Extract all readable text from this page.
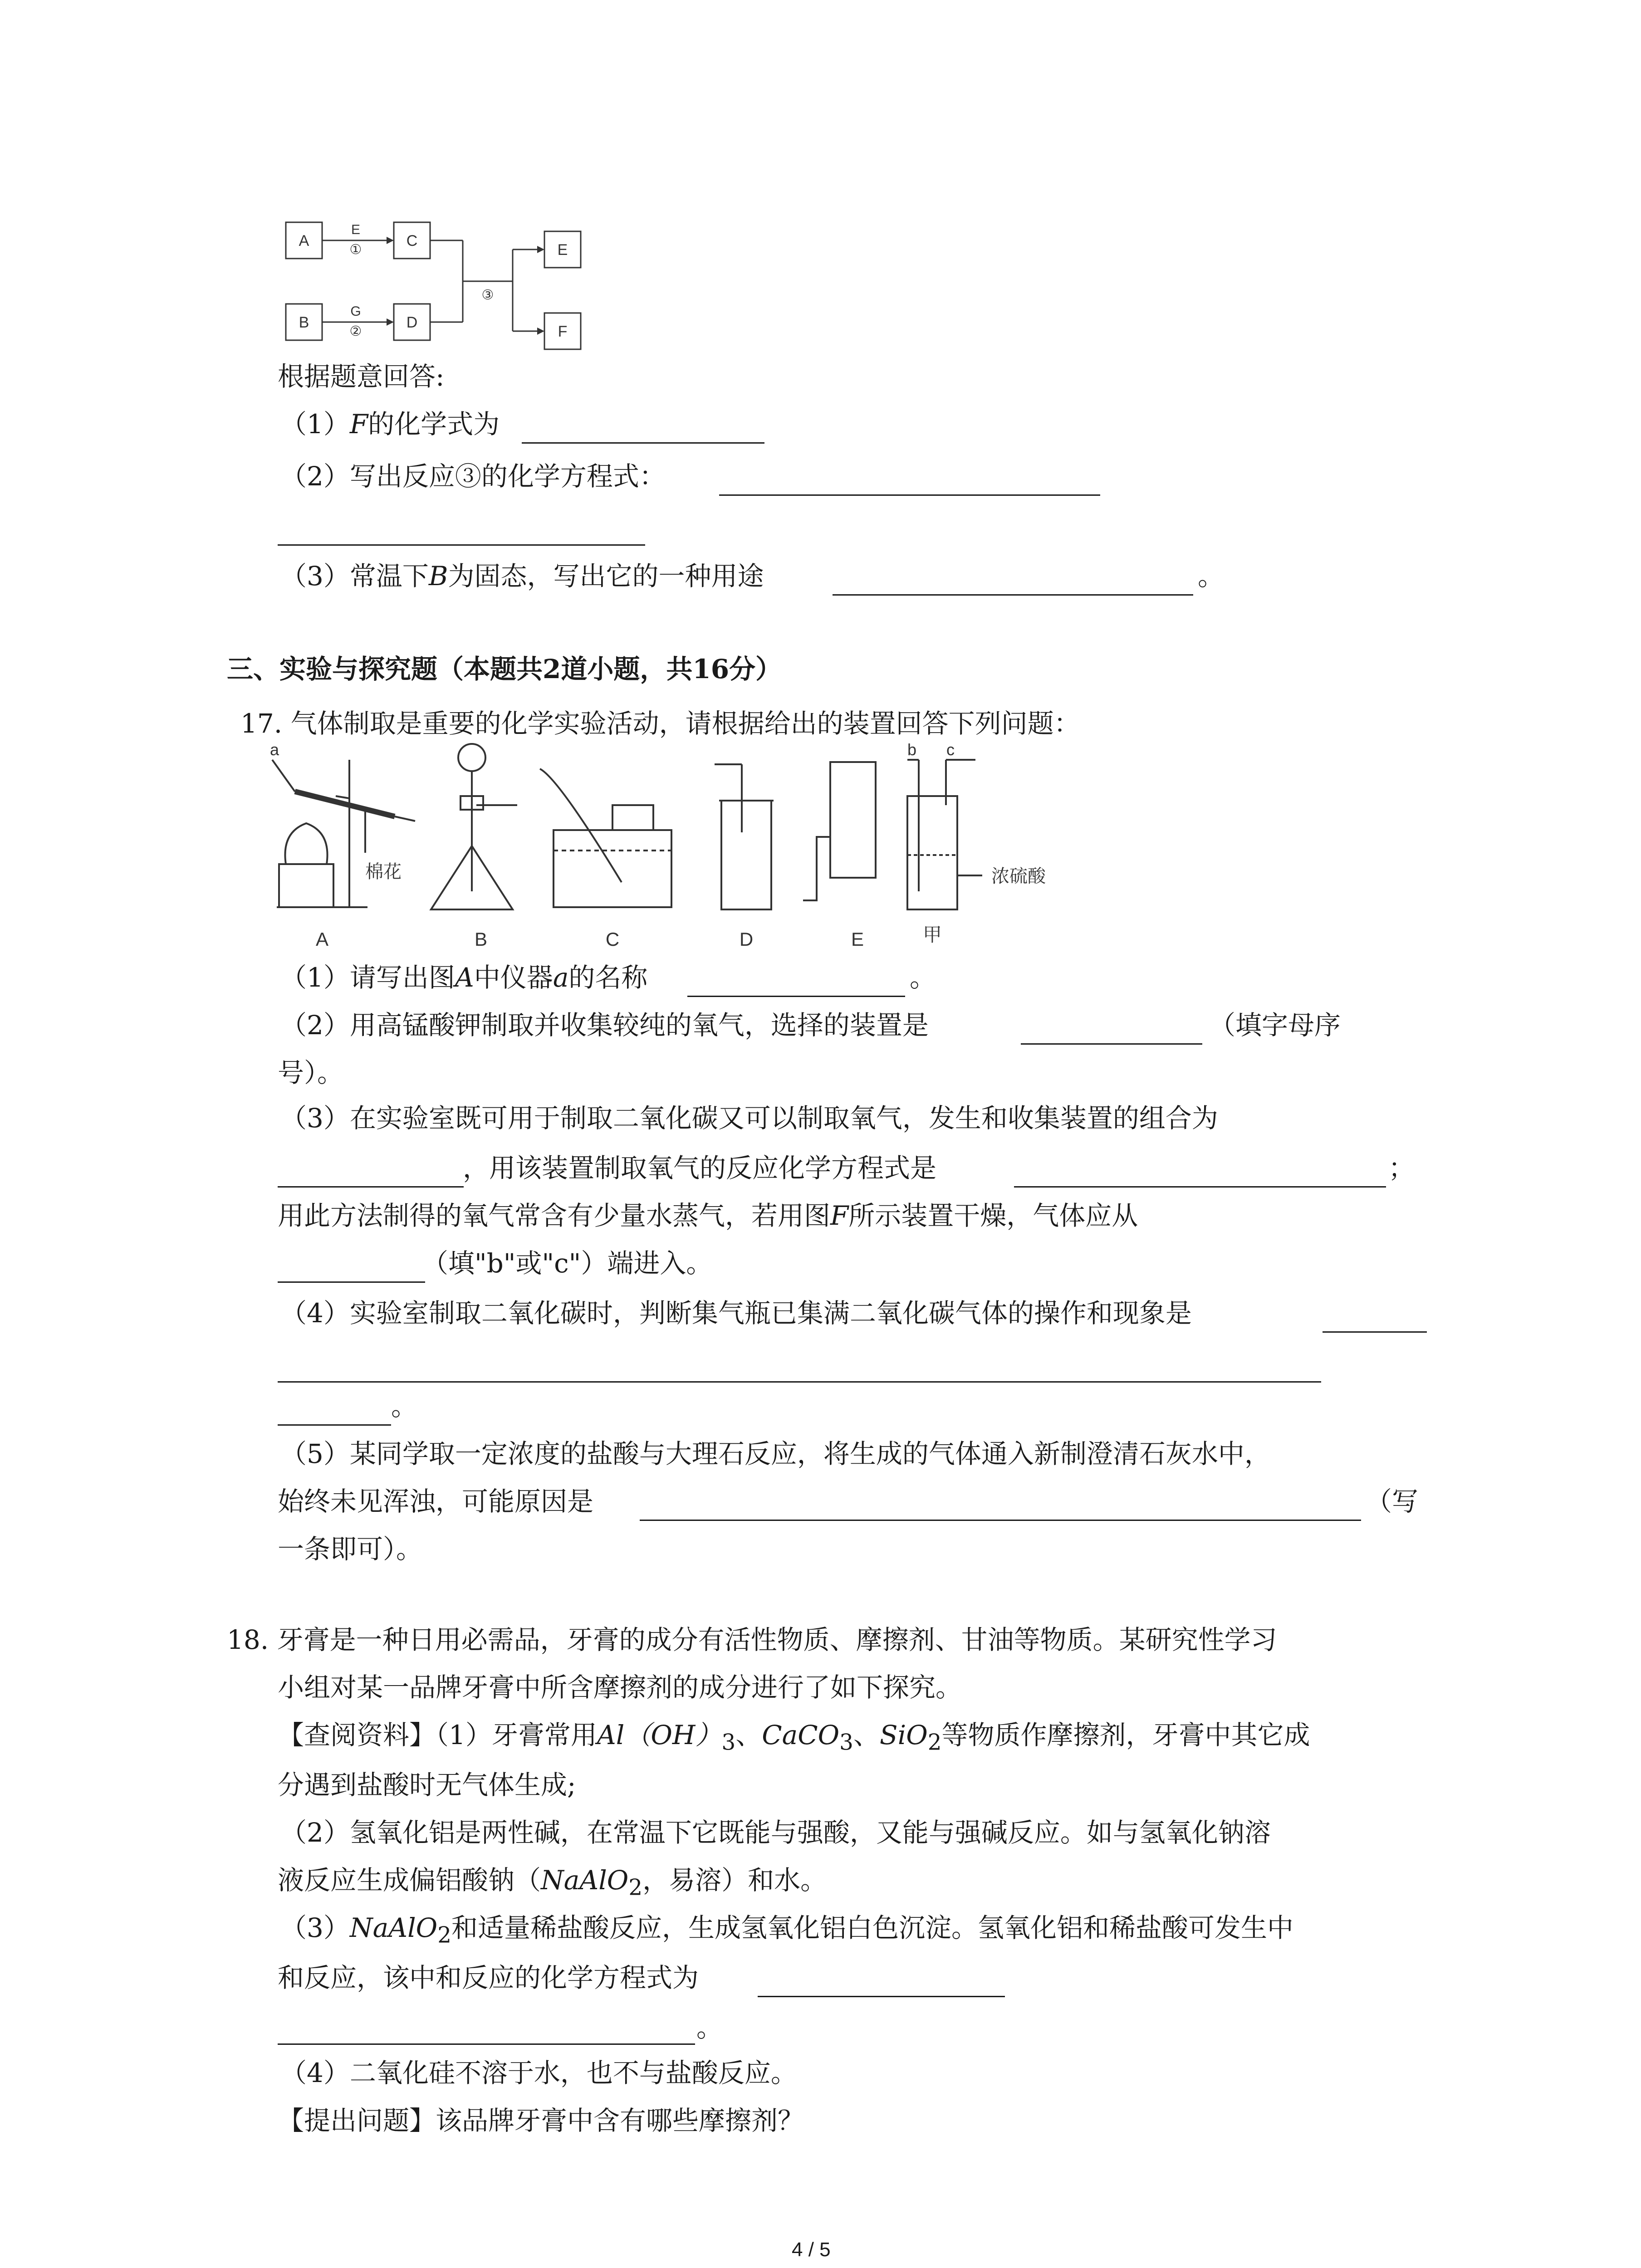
A	C
E
B	D
F
E
①
G
②
③
根据题意回答:
（1）F的化学式为
（2）写出反应③的化学方程式：
（3）常温下B为固态，写出它的一种用途	。
三、实验与探究题（本题共2道小题，共16分）
17. 气体制取是重要的化学实验活动，请根据给出的装置回答下列问题：
A	B	C	D	E	甲
a
棉花
b c
浓硫酸
（1）请写出图A中仪器a的名称	。
（2）用高锰酸钾制取并收集较纯的氧气，选择的装置是	（填字母序
号）。
（3）在实验室既可用于制取二氧化碳又可以制取氧气，发生和收集装置的组合为
，用该装置制取氧气的反应化学方程式是	；
用此方法制得的氧气常含有少量水蒸气，若用图F所示装置干燥，气体应从
（填"b"或"c"）端进入。
（4）实验室制取二氧化碳时，判断集气瓶已集满二氧化碳气体的操作和现象是
。
（5）某同学取一定浓度的盐酸与大理石反应，将生成的气体通入新制澄清石灰水中，
始终未见浑浊，可能原因是	（写
一条即可）。
18. 牙膏是一种日用必需品，牙膏的成分有活性物质、摩擦剂、甘油等物质。某研究性学习
小组对某一品牌牙膏中所含摩擦剂的成分进行了如下探究。
【查阅资料】（1）牙膏常用$Al(OH)_3$、CaCO$_3$、SiO$_2$等物质作摩擦剂，牙膏中其它成
分遇到盐酸时无气体生成;
（2）氢氧化铝是两性碱，在常温下它既能与强酸，又能与强碱反应。如与氢氧化钠溶
液反应生成偏铝酸钠（NaAlO$_2$，易溶）和水。
（3）NaAlO$_2$和适量稀盐酸反应，生成氢氧化铝白色沉淀。氢氧化铝和稀盐酸可发生中
和反应，该中和反应的化学方程式为
。
（4）二氧化硅不溶于水，也不与盐酸反应。
【提出问题】该品牌牙膏中含有哪些摩擦剂？
4 / 5
